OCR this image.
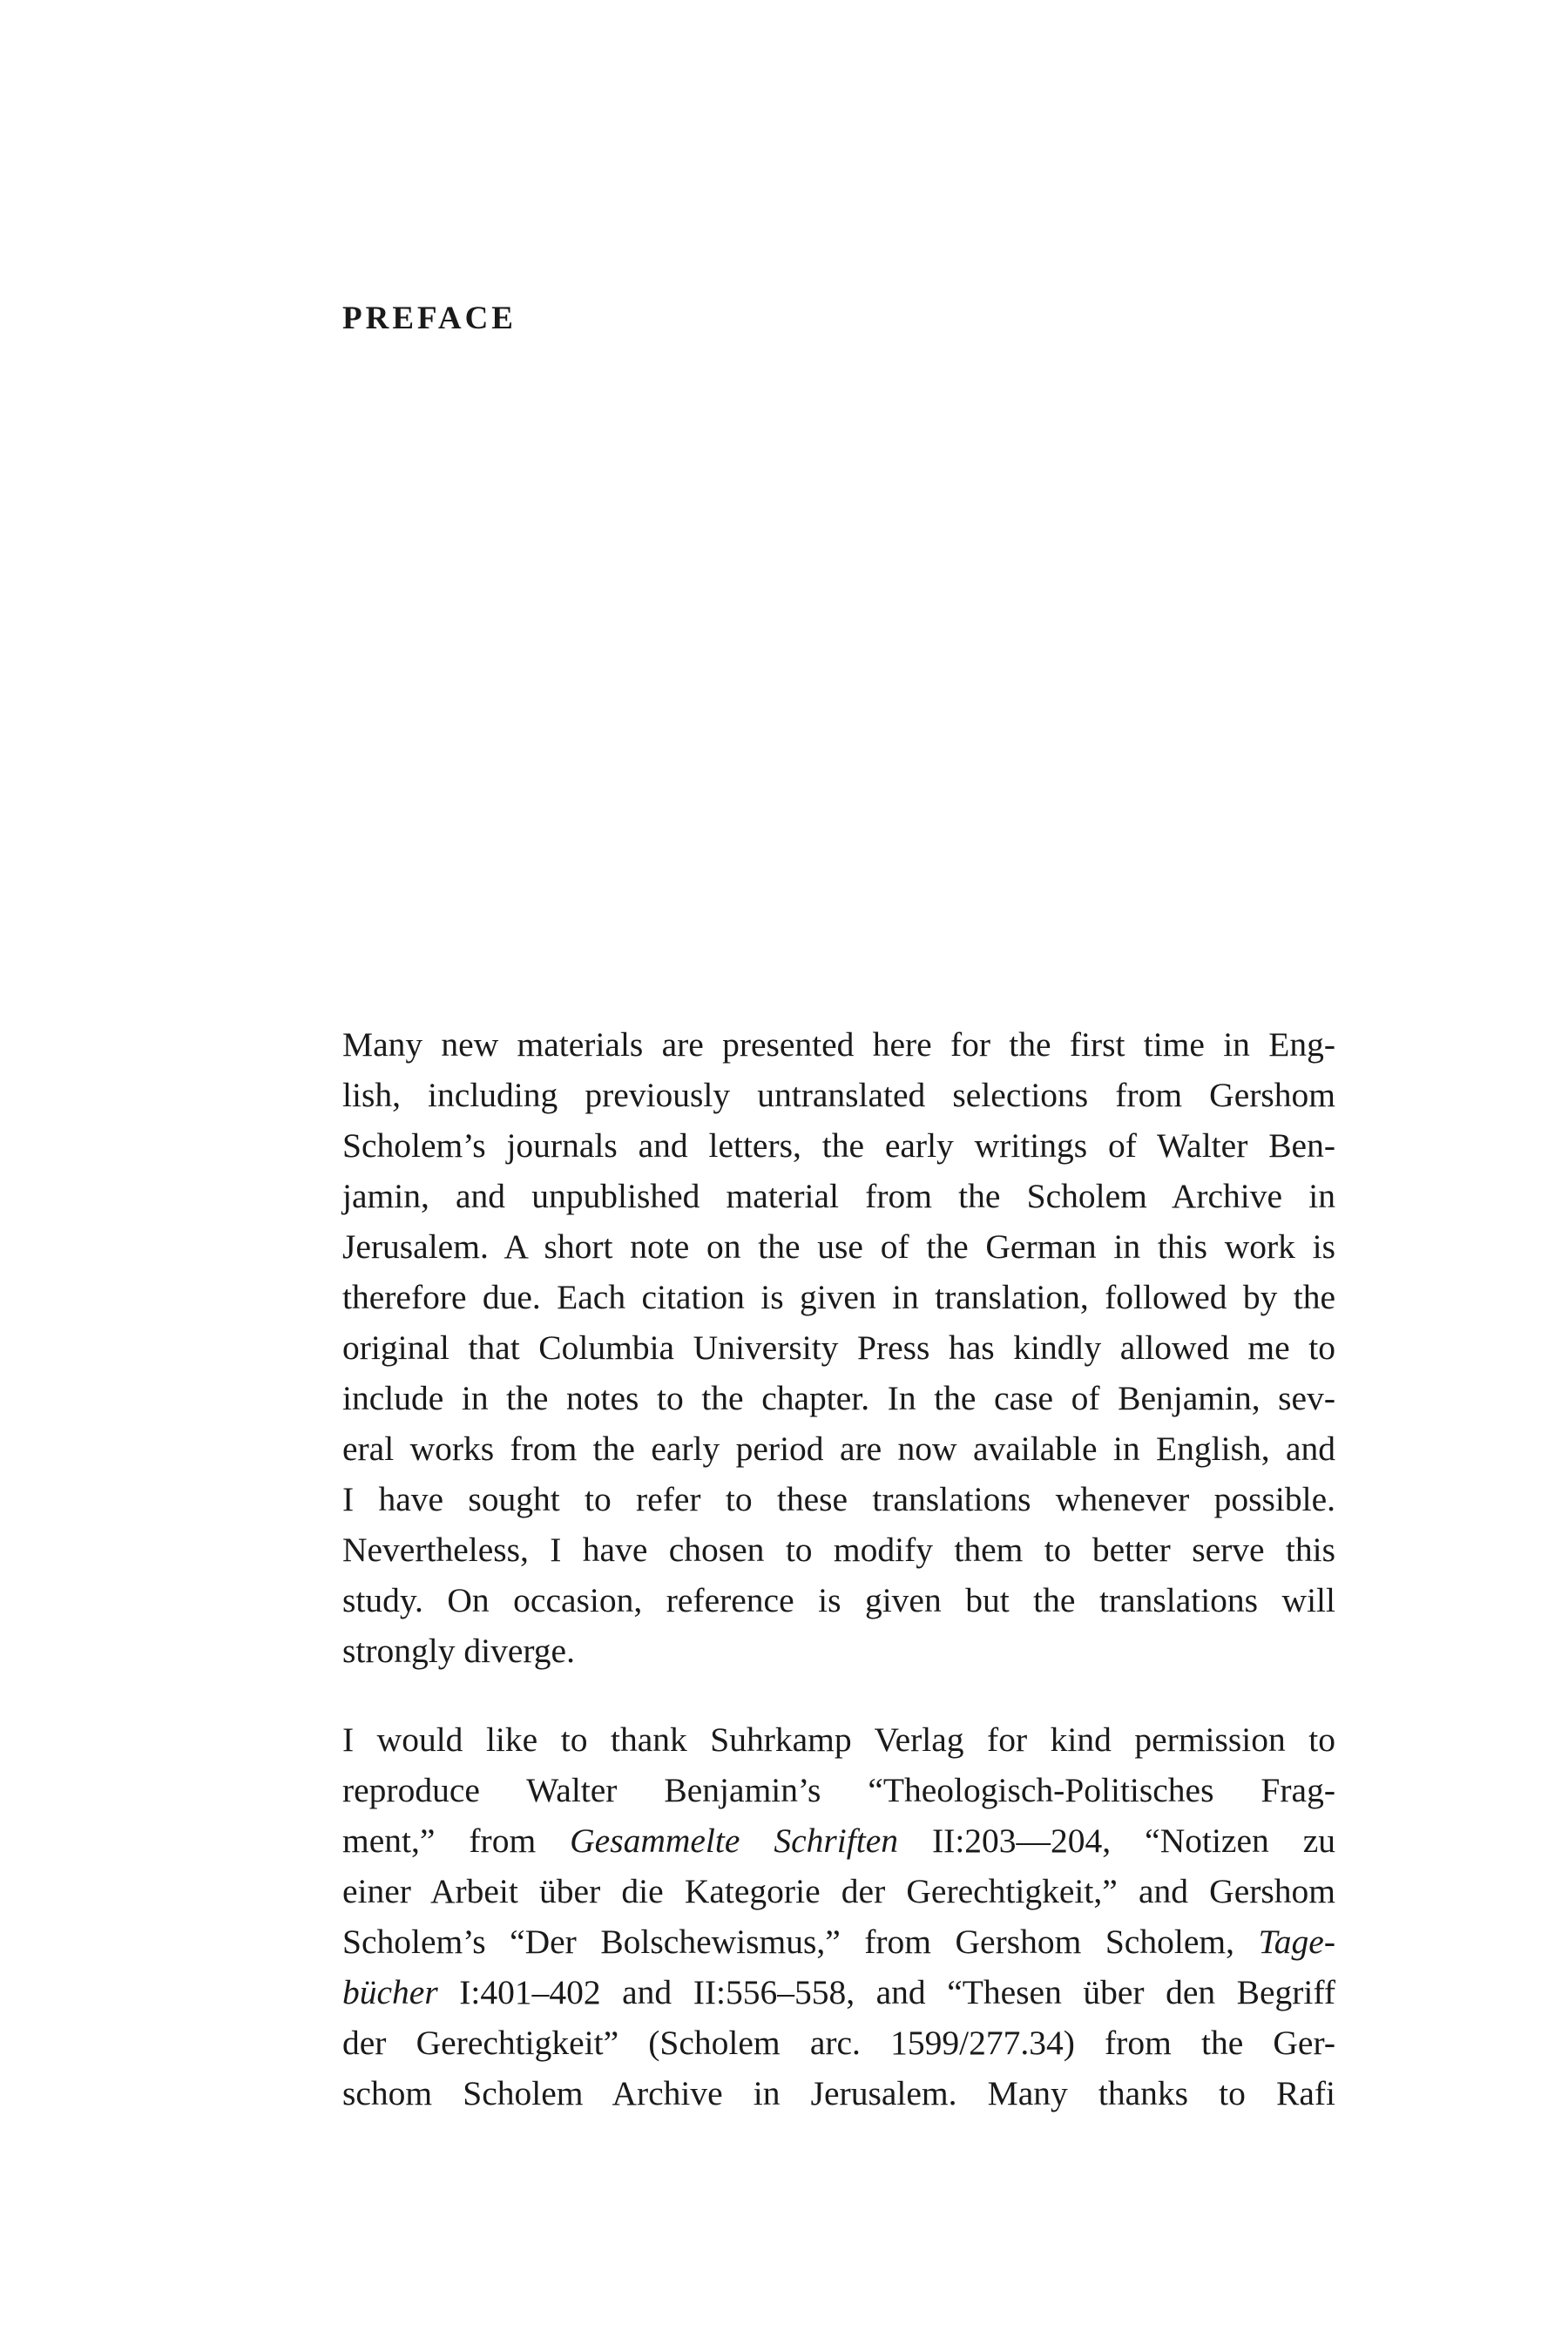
PREFACE
Many new materials are presented here for the first time in Eng-
lish, including previously untranslated selections from Gershom
Scholem’s journals and letters, the early writings of Walter Ben-
jamin, and unpublished material from the Scholem Archive in
Jerusalem. A short note on the use of the German in this work is
therefore due. Each citation is given in translation, followed by the
original that Columbia University Press has kindly allowed me to
include in the notes to the chapter. In the case of Benjamin, sev-
eral works from the early period are now available in English, and
I have sought to refer to these translations whenever possible.
Nevertheless, I have chosen to modify them to better serve this
study. On occasion, reference is given but the translations will
strongly diverge.
I would like to thank Suhrkamp Verlag for kind permission to
reproduce Walter Benjamin’s “Theologisch-Politisches Frag-
ment,” from Gesammelte Schriften II:203––204, “Notizen zu
einer Arbeit über die Kategorie der Gerechtigkeit,” and Gershom
Scholem’s “Der Bolschewismus,” from Gershom Scholem, Tage-
bücher I:401–402 and II:556–558, and “Thesen über den Begriff
der Gerechtigkeit” (Scholem arc. 1599/277.34) from the Ger-
schom Scholem Archive in Jerusalem. Many thanks to Rafi
